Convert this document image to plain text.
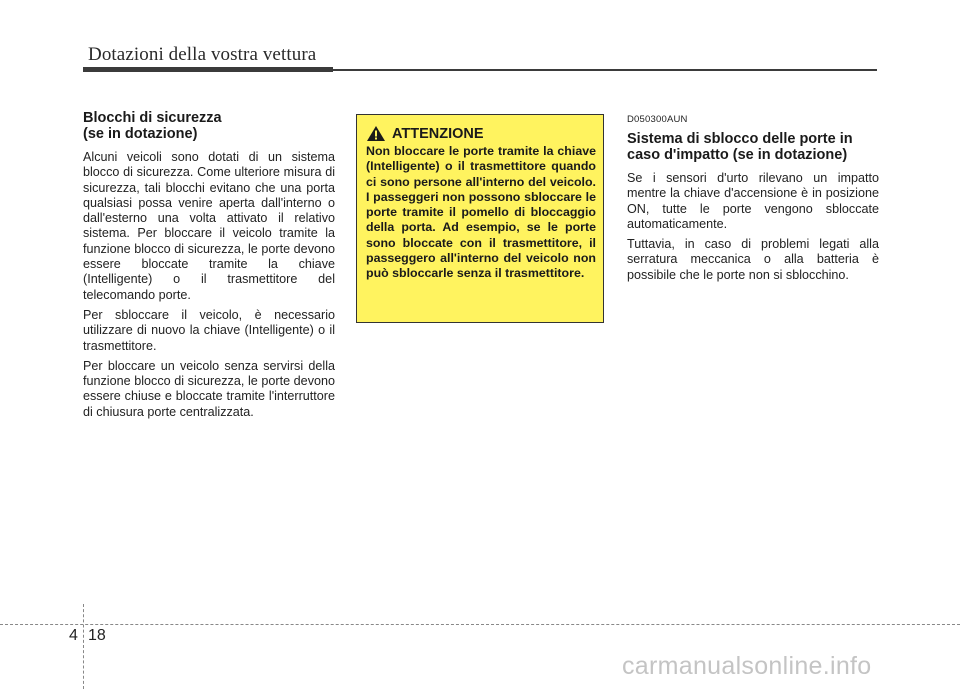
Dotazioni della vostra vettura
Blocchi di sicurezza
(se in dotazione)

Alcuni veicoli sono dotati di un sistema blocco di sicurezza. Come ulteriore misura di sicurezza, tali blocchi evitano che una porta qualsiasi possa venire aperta dall'interno o dall'esterno una volta attivato il relativo sistema. Per bloccare il veicolo tramite la funzione blocco di sicurezza, le porte devono essere bloccate tramite la chiave (Intelligente) o il trasmettitore del telecomando porte.

Per sbloccare il veicolo, è necessario utilizzare di nuovo la chiave (Intelligente) o il trasmettitore.

Per bloccare un veicolo senza servirsi della funzione blocco di sicurezza, le porte devono essere chiuse e bloccate tramite l'interruttore di chiusura porte centralizzata.

ATTENZIONE

Non bloccare le porte tramite la chiave (Intelligente) o il trasmettitore quando ci sono persone all'interno del veicolo. I passeggeri non possono sbloccare le porte tramite il pomello di bloccaggio della porta. Ad esempio, se le porte sono bloccate con il trasmettitore, il passeggero all'interno del veicolo non può sbloccarle senza il trasmettitore.

D050300AUN
Sistema di sblocco delle porte in
caso d'impatto (se in dotazione)

Se i sensori d'urto rilevano un impatto mentre la chiave d'accensione è in posizione ON, tutte le porte vengono sbloccate automaticamente.

Tuttavia, in caso di problemi legati alla serratura meccanica o alla batteria è possibile che le porte non si sblocchino.

4 18
carmanualsonline.info
